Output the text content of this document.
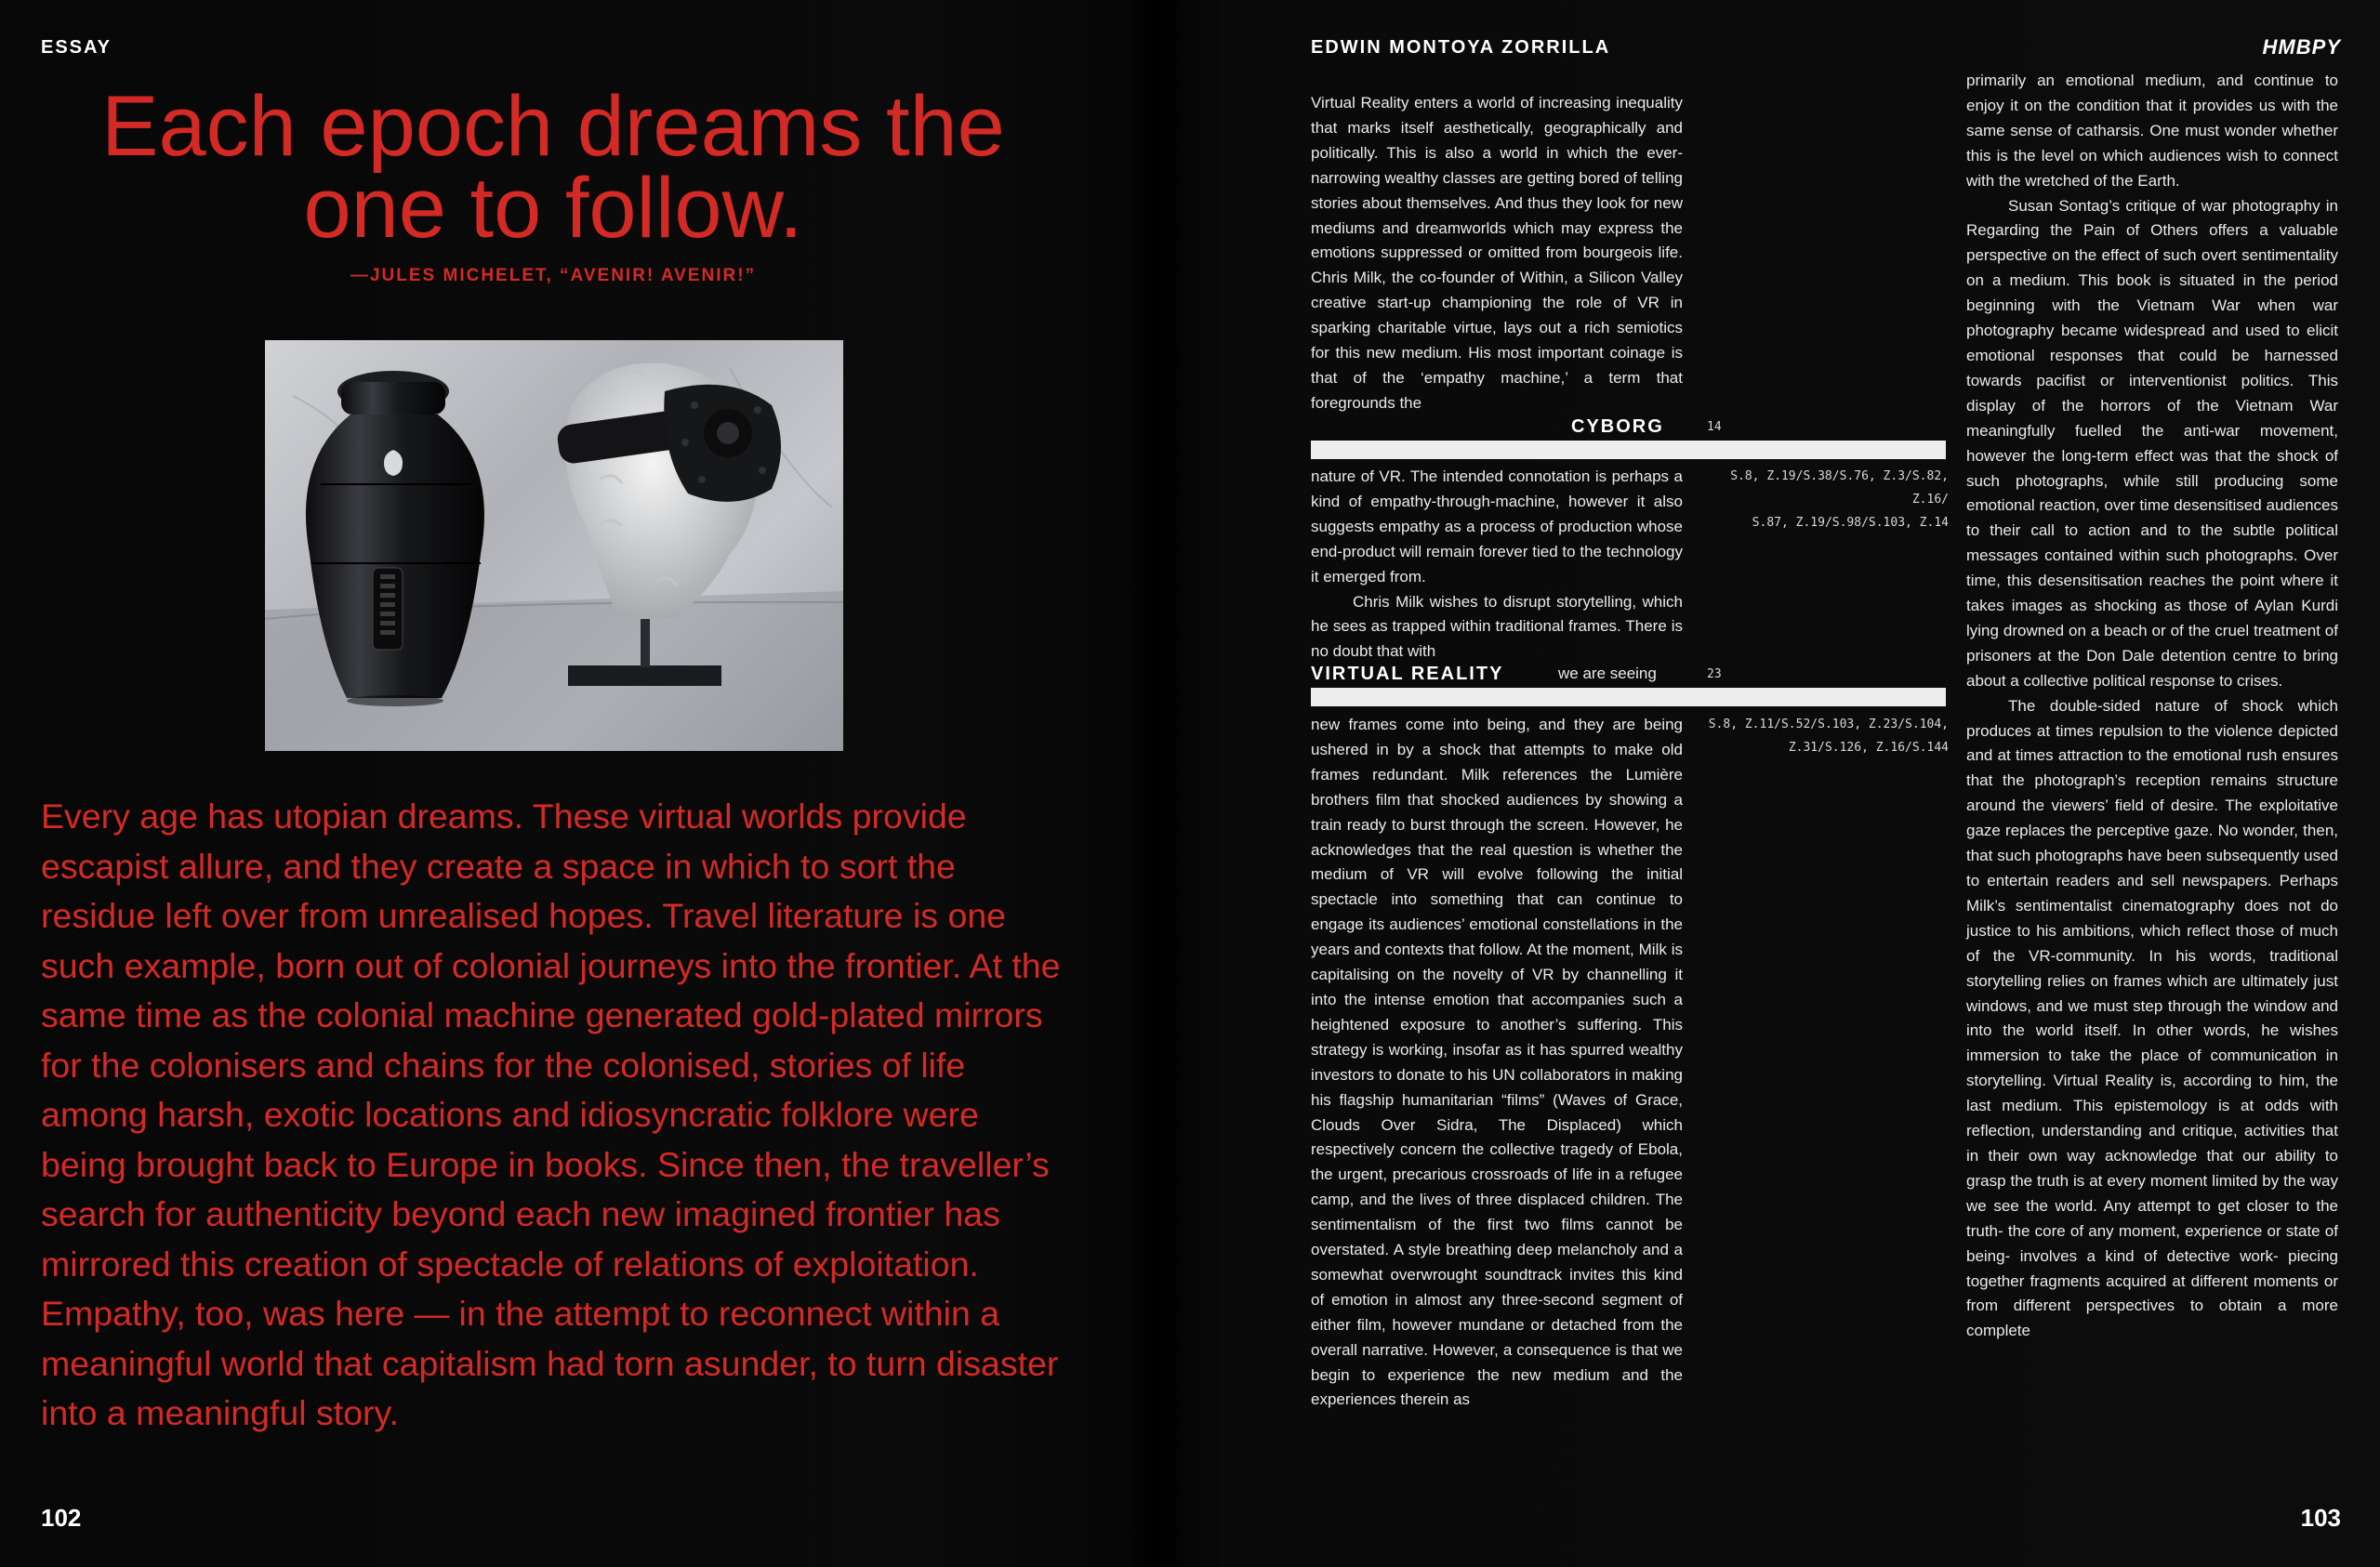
ESSAY
Each epoch dreams the
one to follow.
—JULES MICHELET, “AVENIR! AVENIR!”
Every age has utopian dreams. These virtual worlds provide escapist allure, and they create a space in which to sort the residue left over from unrealised hopes. Travel literature is one such example, born out of colonial journeys into the frontier. At the same time as the colonial machine generated gold-plated mirrors for the colonisers and chains for the colonised, stories of life among harsh, exotic locations and idiosyncratic folklore were being brought back to Europe in books. Since then, the traveller’s search for authenticity beyond each new imagined frontier has mirrored this creation of spectacle of relations of exploitation. Empathy, too, was here — in the attempt to reconnect within a meaningful world that capitalism had torn asunder, to turn disaster into a meaningful story.
102
EDWIN MONTOYA ZORRILLA	HMBPY

Virtual Reality enters a world of increasing inequality that marks itself aesthetically, geographically and politically. This is also a world in which the ever-narrowing wealthy classes are getting bored of telling stories about themselves. And thus they look for new mediums and dreamworlds which may express the emotions suppressed or omitted from bourgeois life. Chris Milk, the co-founder of Within, a Silicon Valley creative start-up championing the role of VR in sparking charitable virtue, lays out a rich semiotics for this new medium. His most important coinage is that of the ‘empathy machine,’ a term that foregrounds the

CYBORG	14

nature of VR. The intended connotation is perhaps a kind of empathy-through-machine, however it also suggests empathy as a process of production whose end-product will remain forever tied to the technology it emerged from.

Chris Milk wishes to disrupt storytelling, which he sees as trapped within traditional frames. There is no doubt that with

S.8, Z.19/S.38/S.76, Z.3/S.82, Z.16/
S.87, Z.19/S.98/S.103, Z.14
VIRTUAL REALITY	we are seeing	23

new frames come into being, and they are being ushered in by a shock that attempts to make old frames redundant. Milk references the Lumière brothers film that shocked audiences by showing a train ready to burst through the screen. However, he acknowledges that the real question is whether the medium of VR will evolve following the initial spectacle into something that can continue to engage its audiences’ emotional constellations in the years and contexts that follow. At the moment, Milk is capitalising on the novelty of VR by channelling it into the intense emotion that accompanies such a heightened exposure to another’s suffering. This strategy is working, insofar as it has spurred wealthy investors to donate to his UN collaborators in making his flagship humanitarian “films” (Waves of Grace, Clouds Over Sidra, The Displaced) which respectively concern the collective tragedy of Ebola, the urgent, precarious crossroads of life in a refugee camp, and the lives of three displaced children. The sentimentalism of the first two films cannot be overstated. A style breathing deep melancholy and a somewhat overwrought soundtrack invites this kind of emotion in almost any three-second segment of either film, however mundane or detached from the overall narrative. However, a consequence is that we begin to experience the new medium and the experiences therein as

S.8, Z.11/S.52/S.103, Z.23/S.104,
Z.31/S.126, Z.16/S.144

primarily an emotional medium, and continue to enjoy it on the condition that it provides us with the same sense of catharsis. One must wonder whether this is the level on which audiences wish to connect with the wretched of the Earth.

Susan Sontag’s critique of war photography in Regarding the Pain of Others offers a valuable perspective on the effect of such overt sentimentality on a medium. This book is situated in the period beginning with the Vietnam War when war photography became widespread and used to elicit emotional responses that could be harnessed towards pacifist or interventionist politics. This display of the horrors of the Vietnam War meaningfully fuelled the anti-war movement, however the long-term effect was that the shock of such photographs, while still producing some emotional reaction, over time desensitised audiences to their call to action and to the subtle political messages contained within such photographs. Over time, this desensitisation reaches the point where it takes images as shocking as those of Aylan Kurdi lying drowned on a beach or of the cruel treatment of prisoners at the Don Dale detention centre to bring about a collective political response to crises.

The double-sided nature of shock which produces at times repulsion to the violence depicted and at times attraction to the emotional rush ensures that the photograph’s reception remains structure around the viewers’ field of desire. The exploitative gaze replaces the perceptive gaze. No wonder, then, that such photographs have been subsequently used to entertain readers and sell newspapers. Perhaps Milk’s sentimentalist cinematography does not do justice to his ambitions, which reflect those of much of the VR-community. In his words, traditional storytelling relies on frames which are ultimately just windows, and we must step through the window and into the world itself. In other words, he wishes immersion to take the place of communication in storytelling. Virtual Reality is, according to him, the last medium. This epistemology is at odds with reflection, understanding and critique, activities that in their own way acknowledge that our ability to grasp the truth is at every moment limited by the way we see the world. Any attempt to get closer to the truth- the core of any moment, experience or state of being- involves a kind of detective work- piecing together fragments acquired at different moments or from different perspectives to obtain a more complete

103
